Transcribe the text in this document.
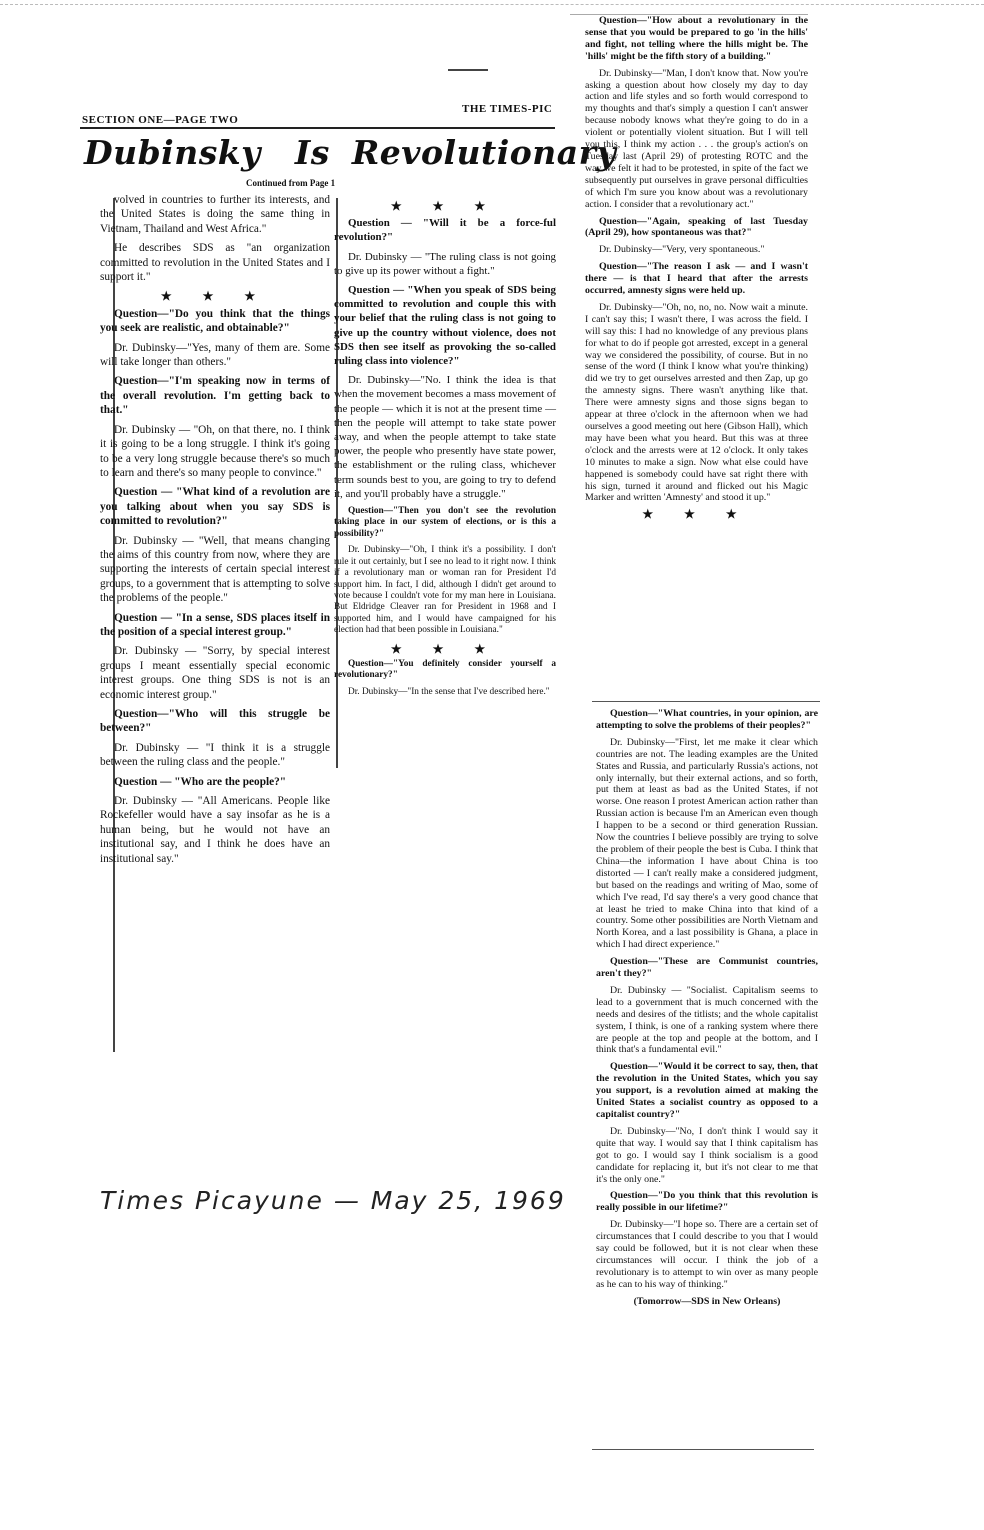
SECTION ONE—PAGE TWO
THE TIMES-PIC
Dubinsky Is Revolutionary
Continued from Page 1

volved in countries to further its interests, and the United States is doing the same thing in Vietnam, Thailand and West Africa."

He describes SDS as "an organization committed to revolution in the United States and I support it."

★ ★ ★

Question—"Do you think that the things you seek are realistic, and obtainable?"

Dr. Dubinsky—"Yes, many of them are. Some will take longer than others."

Question—"I'm speaking now in terms of the overall revolution. I'm getting back to that."

Dr. Dubinsky — "Oh, on that there, no. I think it is going to be a long struggle. I think it's going to be a very long struggle because there's so much to learn and there's so many people to convince."

Question — "What kind of a revolution are you talking about when you say SDS is committed to revolution?"

Dr. Dubinsky — "Well, that means changing the aims of this country from now, where they are supporting the interests of certain special interest groups, to a government that is attempting to solve the problems of the people."

Question — "In a sense, SDS places itself in the position of a special interest group."

Dr. Dubinsky — "Sorry, by special interest groups I meant essentially special economic interest groups. One thing SDS is not is an economic interest group."

Question—"Who will this struggle be between?"

Dr. Dubinsky — "I think it is a struggle between the ruling class and the people."

Question — "Who are the people?"

Dr. Dubinsky — "All Americans. People like Rockefeller would have a say insofar as he is a human being, but he would not have an institutional say, and I think he does have an institutional say."

★ ★ ★

Question — "Will it be a force-ful revolution?"

Dr. Dubinsky — "The ruling class is not going to give up its power without a fight."

Question — "When you speak of SDS being committed to revolution and couple this with your belief that the ruling class is not going to give up the country without violence, does not SDS then see itself as provoking the so-called ruling class into violence?"

Dr. Dubinsky—"No. I think the idea is that when the movement becomes a mass movement of the people — which it is not at the present time — then the people will attempt to take state power away, and when the people attempt to take state power, the people who presently have state power, the establishment or the ruling class, whichever term sounds best to you, are going to try to defend it, and you'll probably have a struggle."

Question—"Then you don't see the revolution taking place in our system of elections, or is this a possibility?"

Dr. Dubinsky—"Oh, I think it's a possibility. I don't rule it out certainly, but I see no lead to it right now. I think if a revolutionary man or woman ran for President I'd support him. In fact, I did, although I didn't get around to vote because I couldn't vote for my man here in Louisiana. But Eldridge Cleaver ran for President in 1968 and I supported him, and I would have campaigned for his election had that been possible in Louisiana."

★ ★ ★

Question—"You definitely consider yourself a revolutionary?"

Dr. Dubinsky—"In the sense that I've described here."

Question—"How about a revolutionary in the sense that you would be prepared to go 'in the hills' and fight, not telling where the hills might be. The 'hills' might be the fifth story of a building."

Dr. Dubinsky—"Man, I don't know that. Now you're asking a question about how closely my day to day action and life styles and so forth would correspond to my thoughts and that's simply a question I can't answer because nobody knows what they're going to do in a violent or potentially violent situation. But I will tell you this, I think my action . . . the group's action's on Tuesday last (April 29) of protesting ROTC and the way we felt it had to be protested, in spite of the fact we subsequently put ourselves in grave personal difficulties of which I'm sure you know about was a revolutionary action. I consider that a revolutionary act."

Question—"Again, speaking of last Tuesday (April 29), how spontaneous was that?"

Dr. Dubinsky—"Very, very spontaneous."

Question—"The reason I ask — and I wasn't there — is that I heard that after the arrests occurred, amnesty signs were held up.

Dr. Dubinsky—"Oh, no, no, no. Now wait a minute. I can't say this; I wasn't there, I was across the field. I will say this: I had no knowledge of any previous plans for what to do if people got arrested, except in a general way we considered the possibility, of course. But in no sense of the word (I think I know what you're thinking) did we try to get ourselves arrested and then Zap, up go the amnesty signs. There wasn't anything like that. There were amnesty signs and those signs began to appear at three o'clock in the afternoon when we had ourselves a good meeting out here (Gibson Hall), which may have been what you heard. But this was at three o'clock and the arrests were at 12 o'clock. It only takes 10 minutes to make a sign. Now what else could have happened is somebody could have sat right there with his sign, turned it around and flicked out his Magic Marker and written 'Amnesty' and stood it up."

★ ★ ★

Question—"What countries, in your opinion, are attempting to solve the problems of their peoples?"

Dr. Dubinsky—"First, let me make it clear which countries are not. The leading examples are the United States and Russia, and particularly Russia's actions, not only internally, but their external actions, and so forth, put them at least as bad as the United States, if not worse. One reason I protest American action rather than Russian action is because I'm an American even though I happen to be a second or third generation Russian. Now the countries I believe possibly are trying to solve the problem of their people the best is Cuba. I think that China—the information I have about China is too distorted — I can't really make a considered judgment, but based on the readings and writing of Mao, some of which I've read, I'd say there's a very good chance that at least he tried to make China into that kind of a country. Some other possibilities are North Vietnam and North Korea, and a last possibility is Ghana, a place in which I had direct experience."

Question—"These are Communist countries, aren't they?"

Dr. Dubinsky — "Socialist. Capitalism seems to lead to a government that is much concerned with the needs and desires of the titlists; and the whole capitalist system, I think, is one of a ranking system where there are people at the top and people at the bottom, and I think that's a fundamental evil."

Question—"Would it be correct to say, then, that the revolution in the United States, which you say you support, is a revolution aimed at making the United States a socialist country as opposed to a capitalist country?"

Dr. Dubinsky—"No, I don't think I would say it quite that way. I would say that I think capitalism has got to go. I would say I think socialism is a good candidate for replacing it, but it's not clear to me that it's the only one."

Question—"Do you think that this revolution is really possible in our lifetime?"

Dr. Dubinsky—"I hope so. There are a certain set of circumstances that I could describe to you that I would say could be followed, but it is not clear when these circumstances will occur. I think the job of a revolutionary is to attempt to win over as many people as he can to his way of thinking."

(Tomorrow—SDS in New Orleans)

Times Picayune — May 25, 1969
